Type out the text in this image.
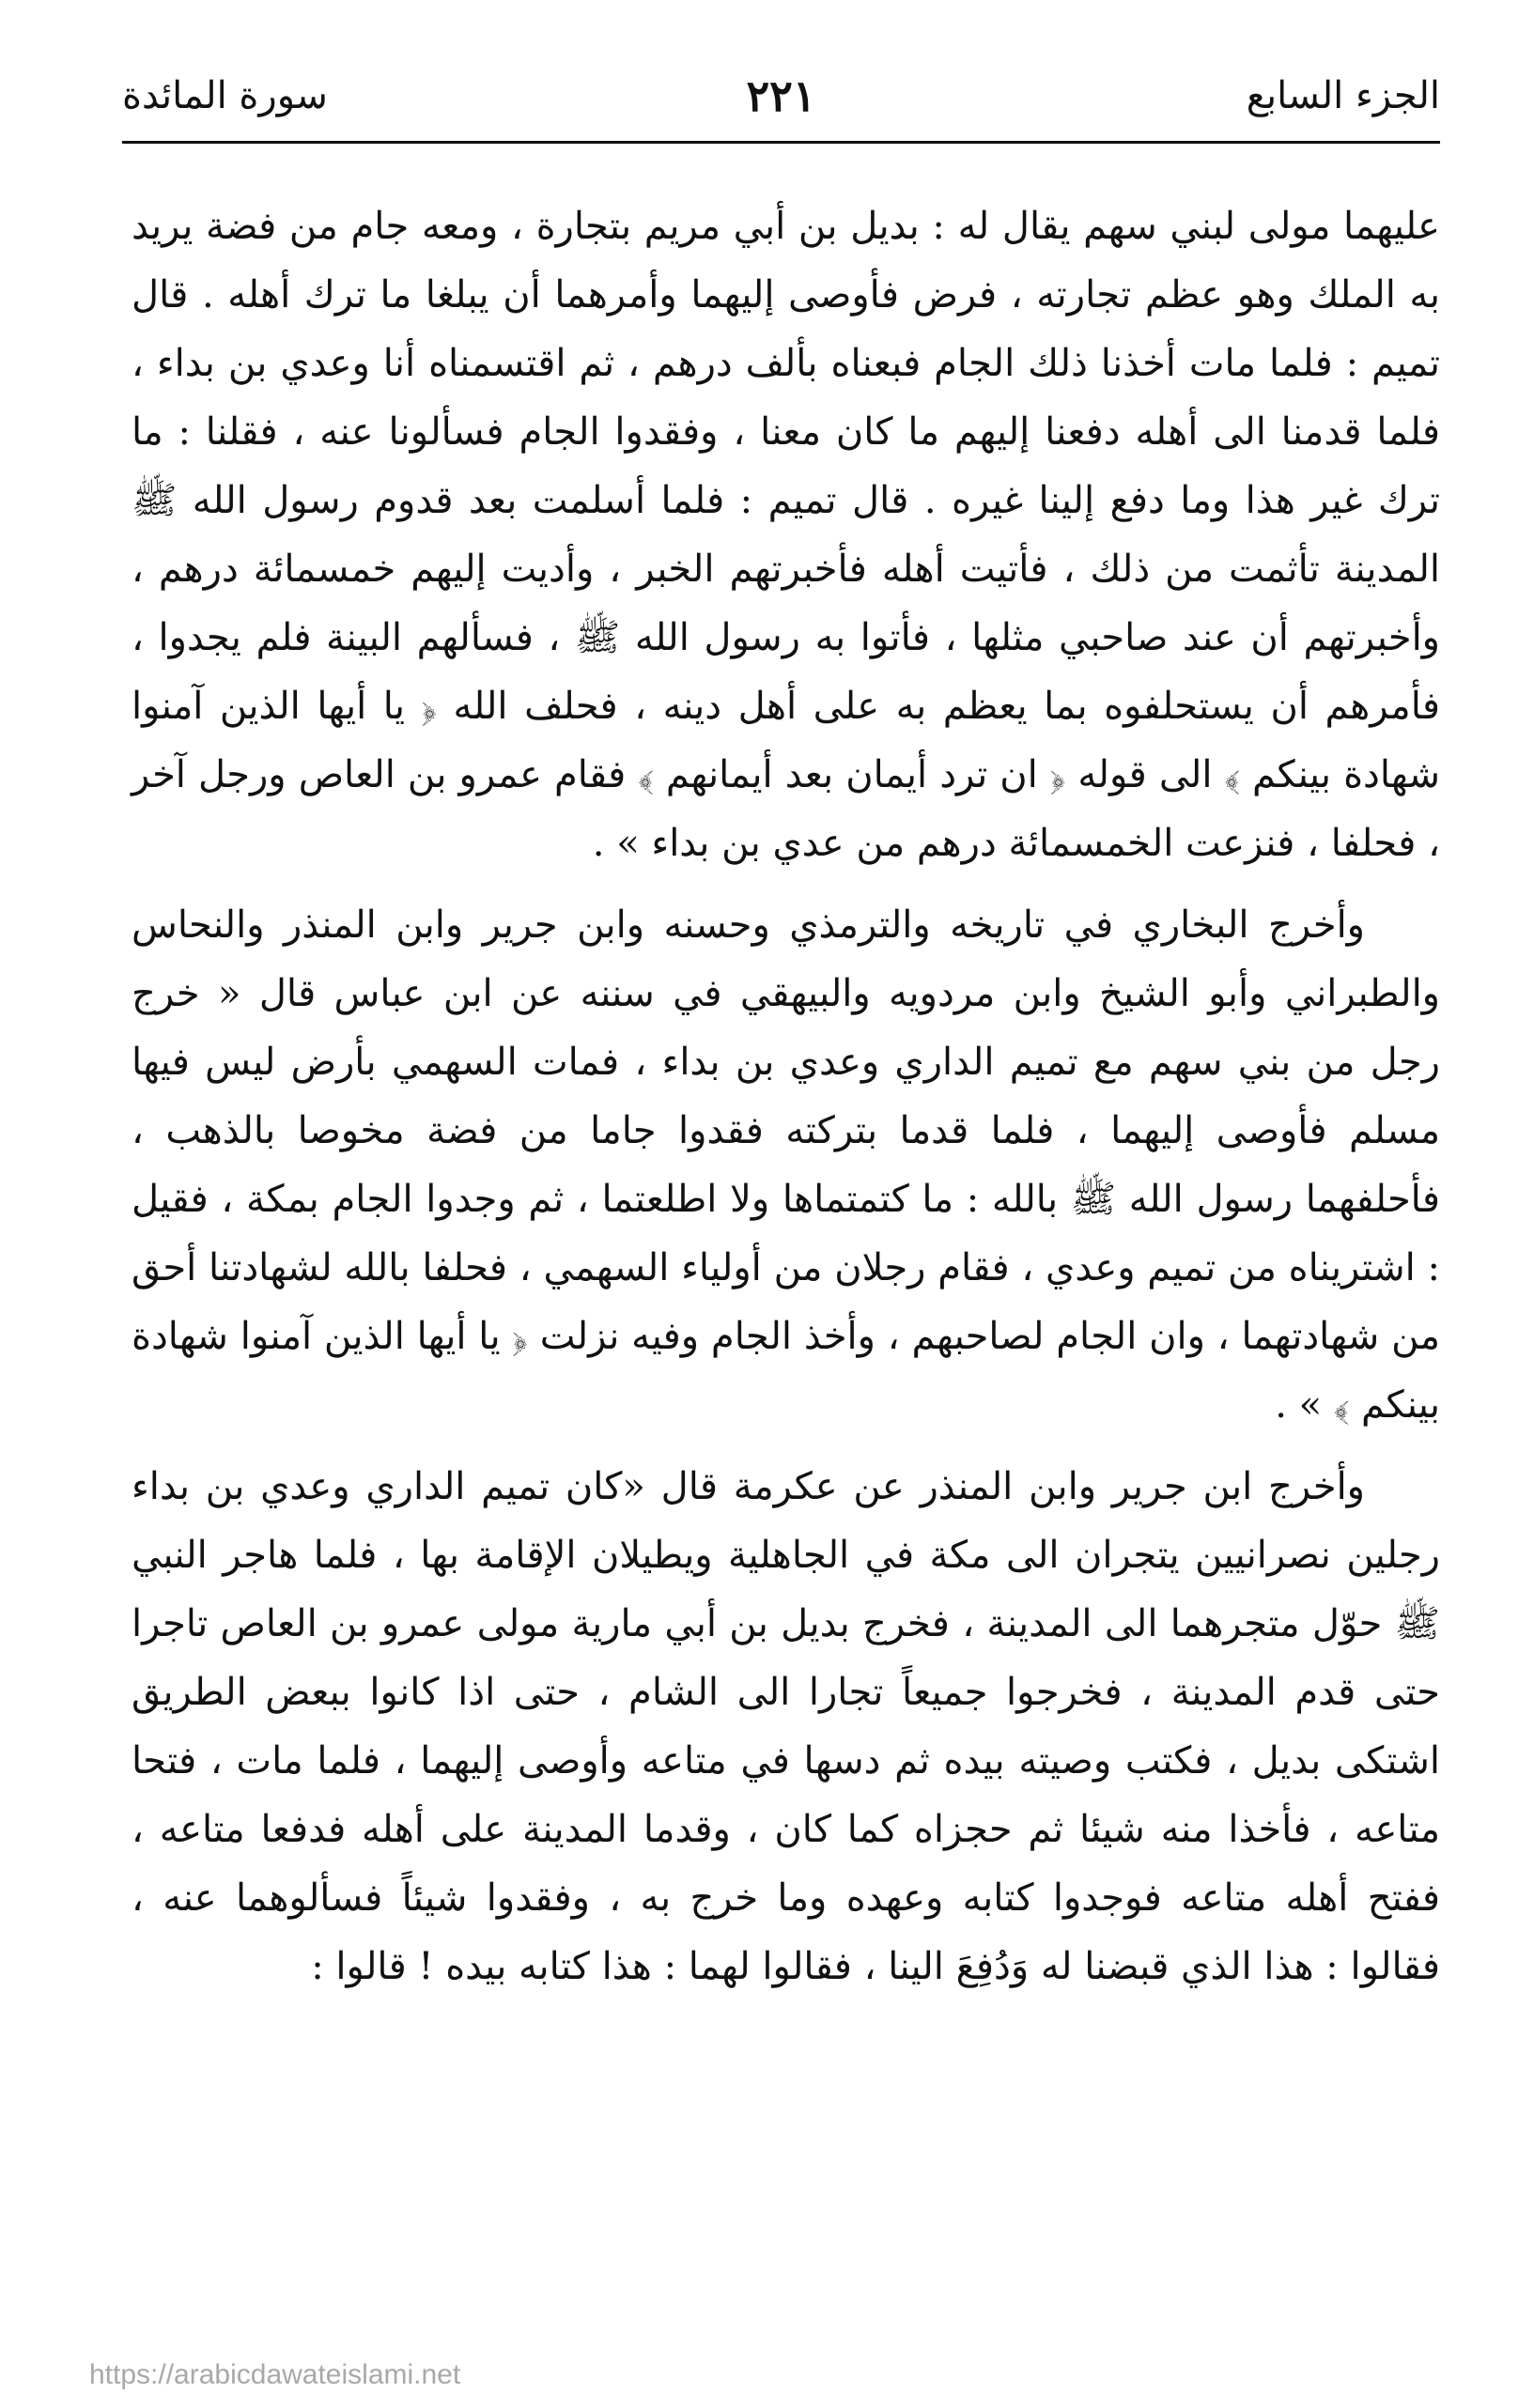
الجزء السابع
٢٢١
سورة المائدة

عليهما مولى لبني سهم يقال له : بديل بن أبي مريم بتجارة ، ومعه جام من فضة يريد به الملك وهو عظم تجارته ، فرض فأوصى إليهما وأمرهما أن يبلغا ما ترك أهله . قال تميم : فلما مات أخذنا ذلك الجام فبعناه بألف درهم ، ثم اقتسمناه أنا وعدي بن بداء ، فلما قدمنا الى أهله دفعنا إليهم ما كان معنا ، وفقدوا الجام فسألونا عنه ، فقلنا : ما ترك غير هذا وما دفع إلينا غيره . قال تميم : فلما أسلمت بعد قدوم رسول الله ﷺ المدينة تأثمت من ذلك ، فأتيت أهله فأخبرتهم الخبر ، وأديت إليهم خمسمائة درهم ، وأخبرتهم أن عند صاحبي مثلها ، فأتوا به رسول الله ﷺ ، فسألهم البينة فلم يجدوا ، فأمرهم أن يستحلفوه بما يعظم به على أهل دينه ، فحلف الله ﴿ يا أيها الذين آمنوا شهادة بينكم ﴾ الى قوله ﴿ ان ترد أيمان بعد أيمانهم ﴾ فقام عمرو بن العاص ورجل آخر ، فحلفا ، فنزعت الخمسمائة درهم من عدي بن بداء » .

وأخرج البخاري في تاريخه والترمذي وحسنه وابن جرير وابن المنذر والنحاس والطبراني وأبو الشيخ وابن مردويه والبيهقي في سننه عن ابن عباس قال « خرج رجل من بني سهم مع تميم الداري وعدي بن بداء ، فمات السهمي بأرض ليس فيها مسلم فأوصى إليهما ، فلما قدما بتركته فقدوا جاما من فضة مخوصا بالذهب ، فأحلفهما رسول الله ﷺ بالله : ما كتمتماها ولا اطلعتما ، ثم وجدوا الجام بمكة ، فقيل : اشتريناه من تميم وعدي ، فقام رجلان من أولياء السهمي ، فحلفا بالله لشهادتنا أحق من شهادتهما ، وان الجام لصاحبهم ، وأخذ الجام وفيه نزلت ﴿ يا أيها الذين آمنوا شهادة بينكم ﴾ » .

وأخرج ابن جرير وابن المنذر عن عكرمة قال «كان تميم الداري وعدي بن بداء رجلين نصرانيين يتجران الى مكة في الجاهلية ويطيلان الإقامة بها ، فلما هاجر النبي ﷺ حوّل متجرهما الى المدينة ، فخرج بديل بن أبي مارية مولى عمرو بن العاص تاجرا حتى قدم المدينة ، فخرجوا جميعاً تجارا الى الشام ، حتى اذا كانوا ببعض الطريق اشتكى بديل ، فكتب وصيته بيده ثم دسها في متاعه وأوصى إليهما ، فلما مات ، فتحا متاعه ، فأخذا منه شيئا ثم حجزاه كما كان ، وقدما المدينة على أهله فدفعا متاعه ، ففتح أهله متاعه فوجدوا كتابه وعهده وما خرج به ، وفقدوا شيئاً فسألوهما عنه ، فقالوا : هذا الذي قبضنا له وَدُفِعَ الينا ، فقالوا لهما : هذا كتابه بيده ! قالوا :

https://arabicdawateislami.net
